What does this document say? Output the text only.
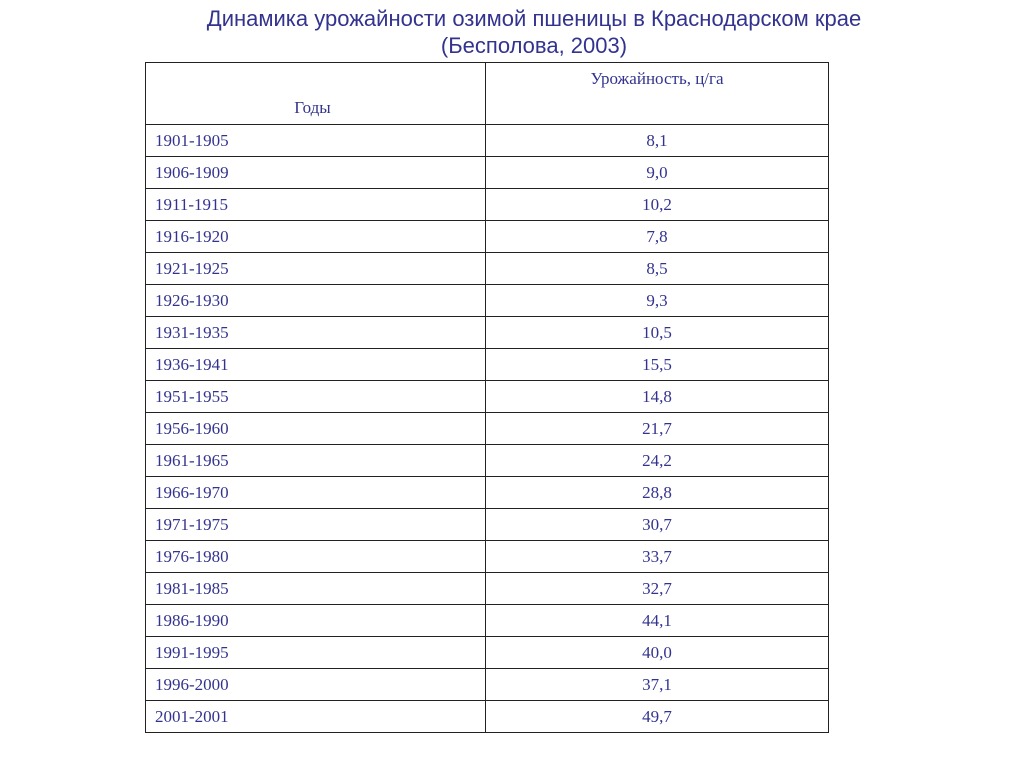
Динамика урожайности озимой пшеницы в Краснодарском крае
(Бесполова, 2003)
Годы	Урожайность, ц/га
1901-1905	8,1
1906-1909	9,0
1911-1915	10,2
1916-1920	7,8
1921-1925	8,5
1926-1930	9,3
1931-1935	10,5
1936-1941	15,5
1951-1955	14,8
1956-1960	21,7
1961-1965	24,2
1966-1970	28,8
1971-1975	30,7
1976-1980	33,7
1981-1985	32,7
1986-1990	44,1
1991-1995	40,0
1996-2000	37,1
2001-2001	49,7
